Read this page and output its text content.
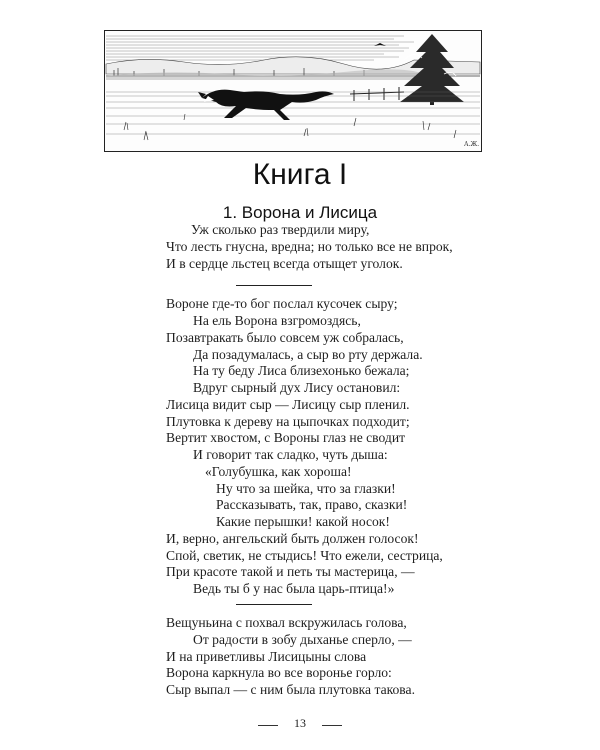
А.Ж.
Книга I
1. Ворона и Лисица
Уж сколько раз твердили миру,
Что лесть гнусна, вредна; но только все не впрок,
И в сердце льстец всегда отыщет уголок.
Вороне где-то бог послал кусочек сыру;
На ель Ворона взгромоздясь,
Позавтракать было совсем уж собралась,
Да позадумалась, а сыр во рту держала.
На ту беду Лиса близехонько бежала;
Вдруг сырный дух Лису остановил:
Лисица видит сыр — Лисицу сыр пленил.
Плутовка к дереву на цыпочках подходит;
Вертит хвостом, с Вороны глаз не сводит
И говорит так сладко, чуть дыша:
«Голубушка, как хороша!
Ну что за шейка, что за глазки!
Рассказывать, так, право, сказки!
Какие перышки! какой носок!
И, верно, ангельский быть должен голосок!
Спой, светик, не стыдись! Что ежели, сестрица,
При красоте такой и петь ты мастерица, —
Ведь ты б у нас была царь-птица!»
Вещуньина с похвал вскружилась голова,
От радости в зобу дыханье сперло, —
И на приветливы Лисицыны слова
Ворона каркнула во все воронье горло:
Сыр выпал — с ним была плутовка такова.
13
